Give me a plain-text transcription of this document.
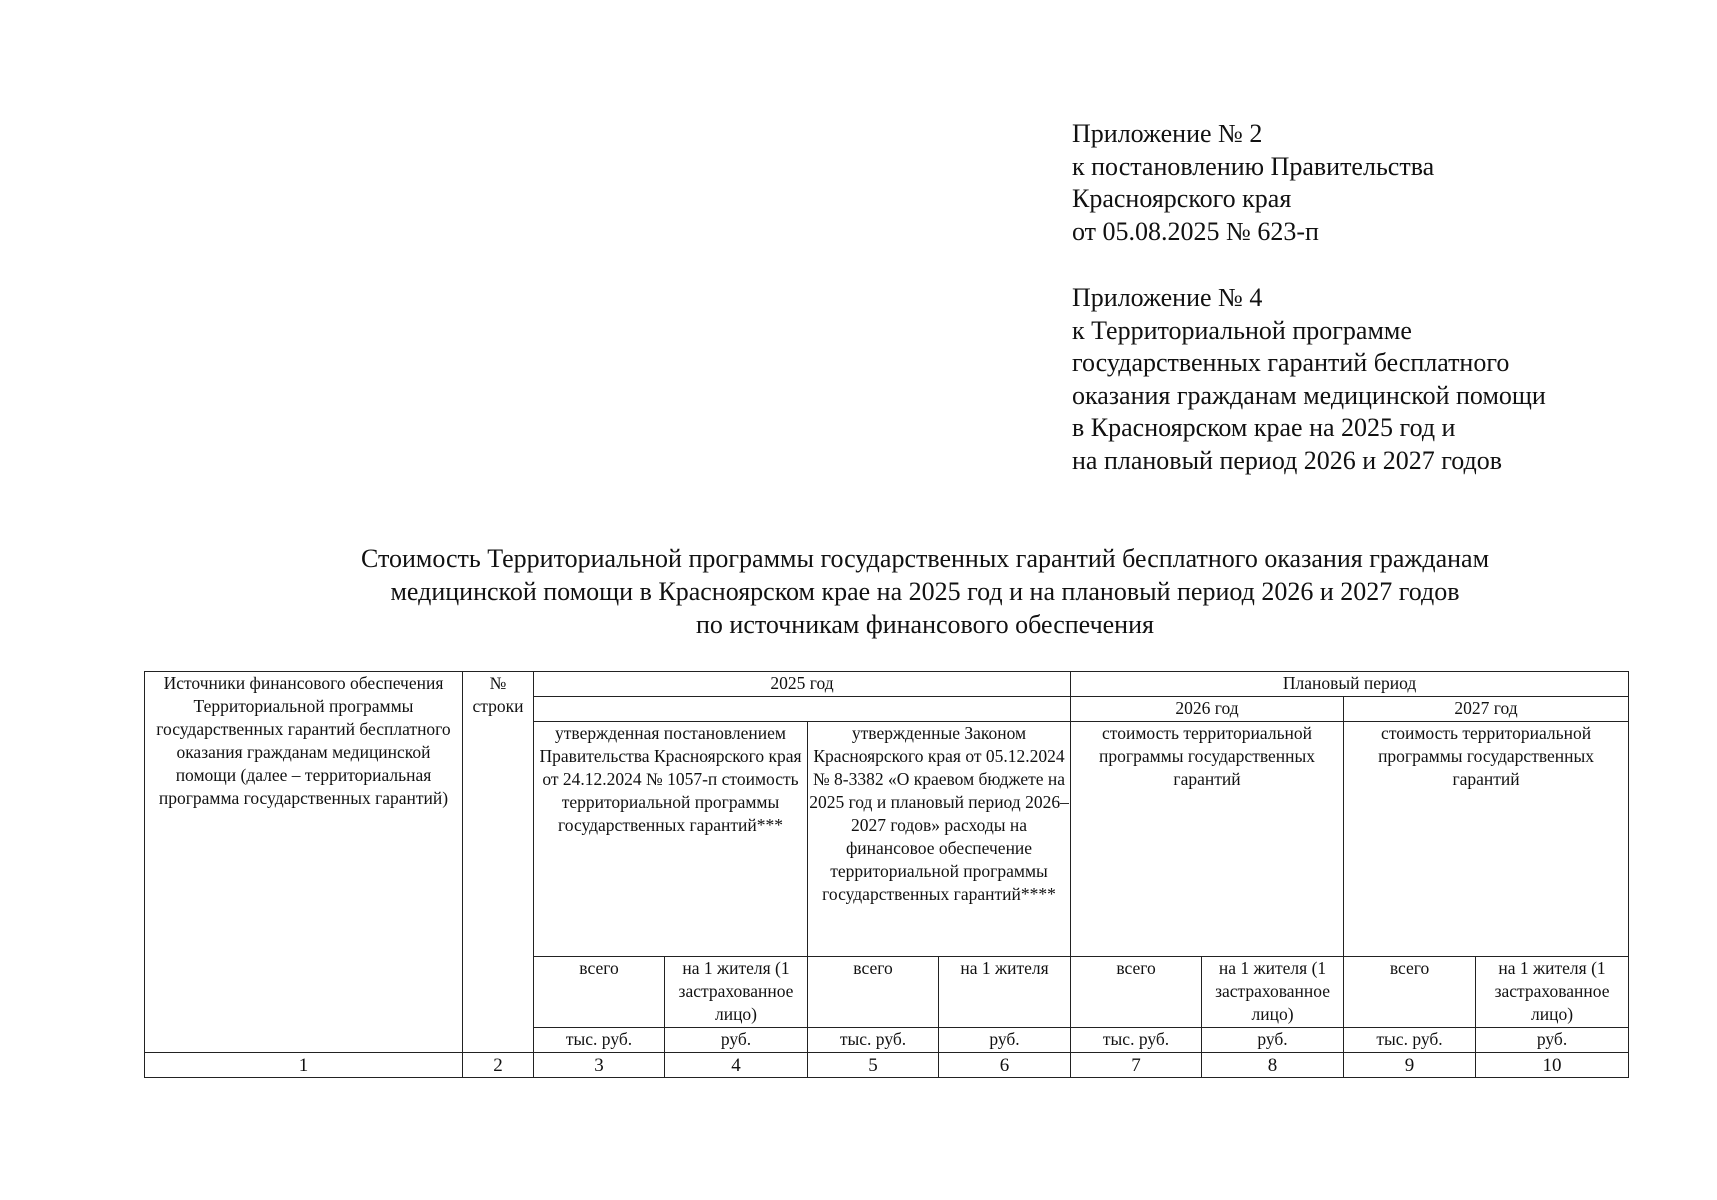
Приложение № 2
к постановлению Правительства
Красноярского края
от 05.08.2025 № 623-п
Приложение № 4
к Территориальной программе
государственных гарантий бесплатного
оказания гражданам медицинской помощи
в Красноярском крае на 2025 год и
на плановый период 2026 и 2027 годов
Стоимость Территориальной программы государственных гарантий бесплатного оказания гражданам
медицинской помощи в Красноярском крае на 2025 год и на плановый период 2026 и 2027 годов
по источникам финансового обеспечения
Источники финансового обеспечения Территориальной программы государственных гарантий бесплатного оказания гражданам медицинской помощи (далее – территориальная программа государственных гарантий)	№ строки	2025 год				Плановый период			
						2026 год		2027 год	
		утвержденная постановлением Правительства Красноярского края от 24.12.2024 № 1057-п стоимость территориальной программы государственных гарантий***		утвержденные Законом Красноярского края от 05.12.2024 № 8-3382 «О краевом бюджете на 2025 год и плановый период 2026–2027 годов» расходы на финансовое обеспечение территориальной программы государственных гарантий****		стоимость территориальной программы государственных гарантий		стоимость территориальной программы государственных гарантий	
		всего	на 1 жителя (1 застрахованное лицо)	всего	на 1 жителя	всего	на 1 жителя (1 застрахованное лицо)	всего	на 1 жителя (1 застрахованное лицо)
		тыс. руб.	руб.	тыс. руб.	руб.	тыс. руб.	руб.	тыс. руб.	руб.
1	2	3	4	5	6	7	8	9	10
